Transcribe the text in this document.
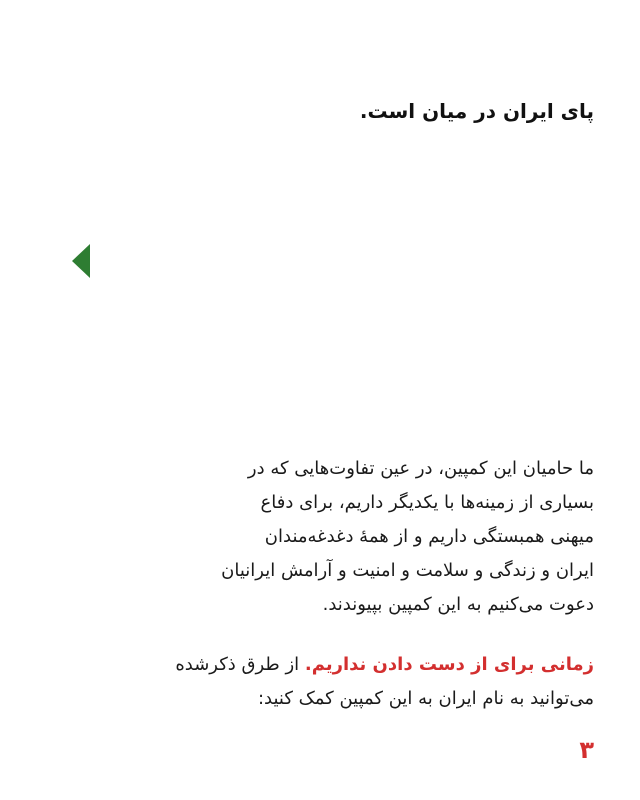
پای ایران در میان است.
ما حامیان این کمپین، در عین تفاوت‌هایی که در
بسیاری از زمینه‌ها با یکدیگر داریم، برای دفاع
میهنی همبستگی داریم و از همهٔ دغدغه‌مندان
ایران و زندگی و سلامت و امنیت و آرامش ایرانیان
دعوت می‌کنیم به این کمپین بپیوندند.
زمانی برای از دست دادن نداریم. از طرق ذکرشده
می‌توانید به نام ایران به این کمپین کمک کنید:
۳
